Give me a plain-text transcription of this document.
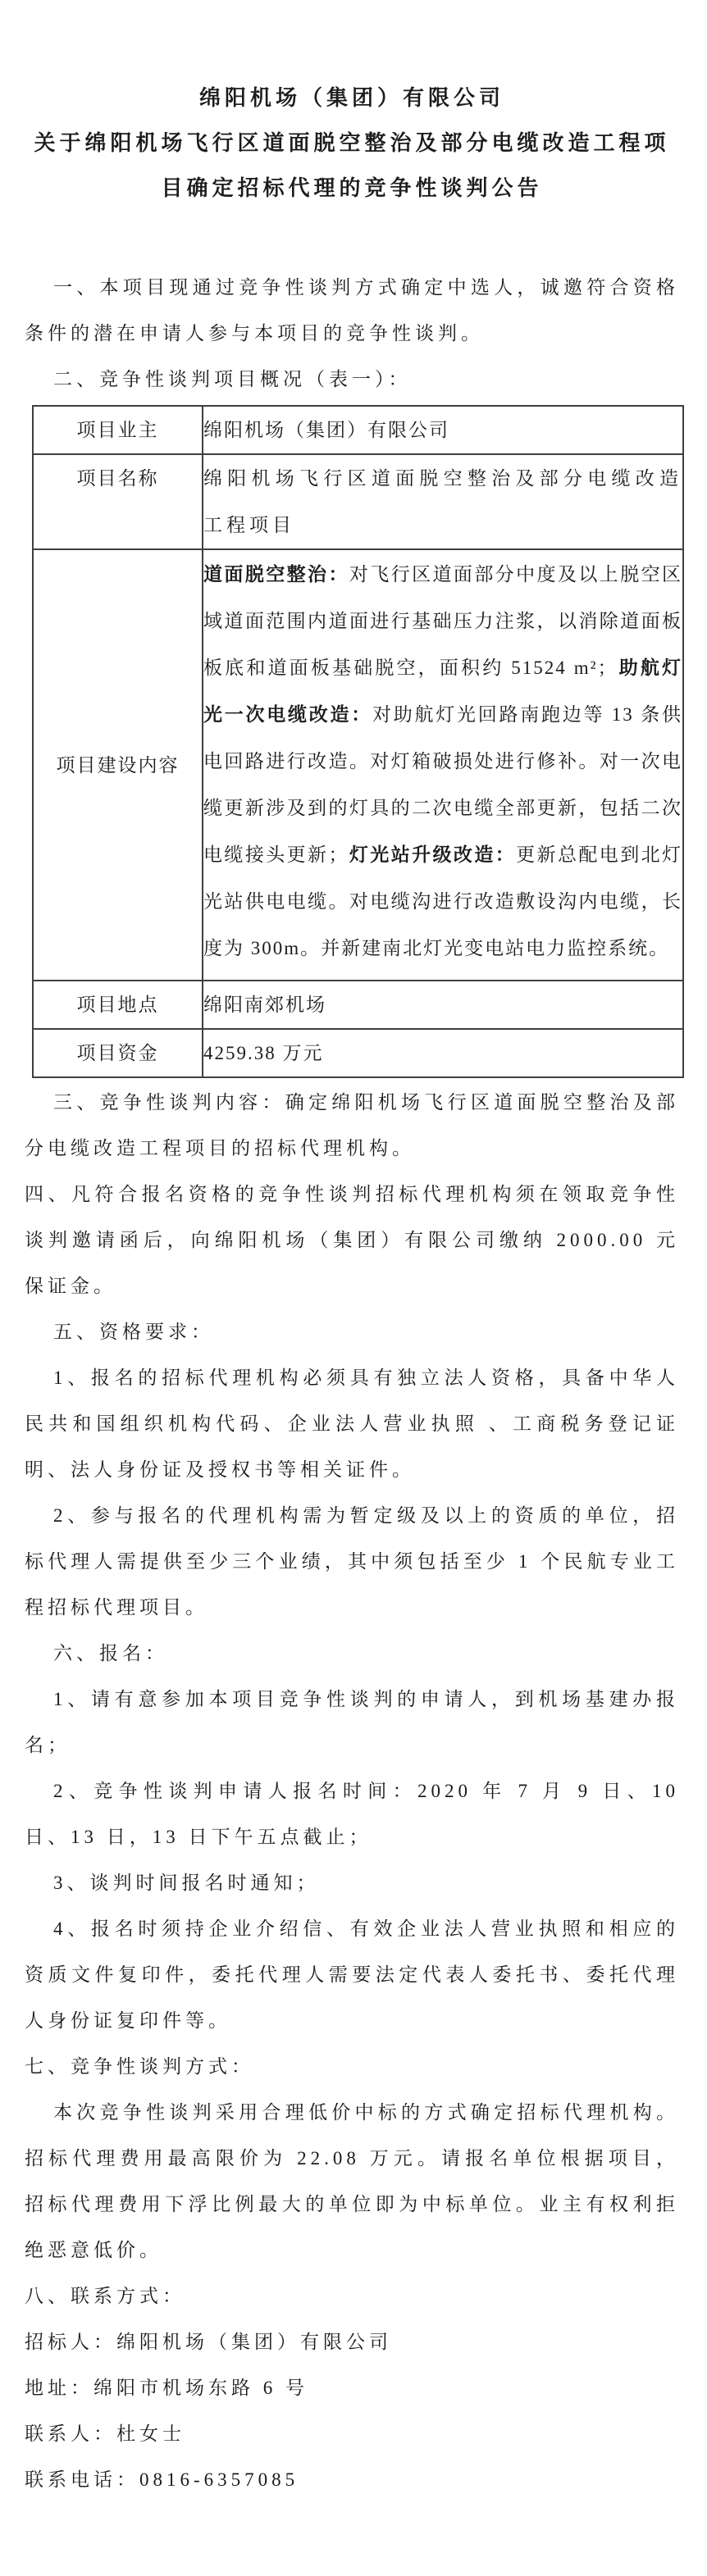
绵阳机场（集团）有限公司
关于绵阳机场飞行区道面脱空整治及部分电缆改造工程项目确定招标代理的竞争性谈判公告

一、本项目现通过竞争性谈判方式确定中选人，诚邀符合资格条件的潜在申请人参与本项目的竞争性谈判。

二、竞争性谈判项目概况（表一）：

项目业主	绵阳机场（集团）有限公司
项目名称	绵阳机场飞行区道面脱空整治及部分电缆改造工程项目
项目建设内容	道面脱空整治：对飞行区道面部分中度及以上脱空区域道面范围内道面进行基础压力注浆，以消除道面板板底和道面板基础脱空，面积约 51524 m²；助航灯光一次电缆改造：对助航灯光回路南跑边等 13 条供电回路进行改造。对灯箱破损处进行修补。对一次电缆更新涉及到的灯具的二次电缆全部更新，包括二次电缆接头更新；灯光站升级改造：更新总配电到北灯光站供电电缆。对电缆沟进行改造敷设沟内电缆，长度为 300m。并新建南北灯光变电站电力监控系统。
项目地点	绵阳南郊机场
项目资金	4259.38 万元

三、竞争性谈判内容：确定绵阳机场飞行区道面脱空整治及部分电缆改造工程项目的招标代理机构。

四、凡符合报名资格的竞争性谈判招标代理机构须在领取竞争性谈判邀请函后，向绵阳机场（集团）有限公司缴纳 2000.00 元保证金。

五、资格要求：

1、报名的招标代理机构必须具有独立法人资格，具备中华人民共和国组织机构代码、企业法人营业执照 、工商税务登记证明、法人身份证及授权书等相关证件。

2、参与报名的代理机构需为暂定级及以上的资质的单位，招标代理人需提供至少三个业绩，其中须包括至少 1 个民航专业工程招标代理项目。

六、报名：

1、请有意参加本项目竞争性谈判的申请人，到机场基建办报名；

2、竞争性谈判申请人报名时间：2020 年 7 月 9 日、10 日、13 日，13 日下午五点截止；

3、谈判时间报名时通知；

4、报名时须持企业介绍信、有效企业法人营业执照和相应的资质文件复印件，委托代理人需要法定代表人委托书、委托代理人身份证复印件等。

七、竞争性谈判方式：

本次竞争性谈判采用合理低价中标的方式确定招标代理机构。招标代理费用最高限价为 22.08 万元。请报名单位根据项目，招标代理费用下浮比例最大的单位即为中标单位。业主有权利拒绝恶意低价。

八、联系方式：

招标人：绵阳机场（集团）有限公司

地址：绵阳市机场东路 6 号

联系人：杜女士

联系电话：0816-6357085
